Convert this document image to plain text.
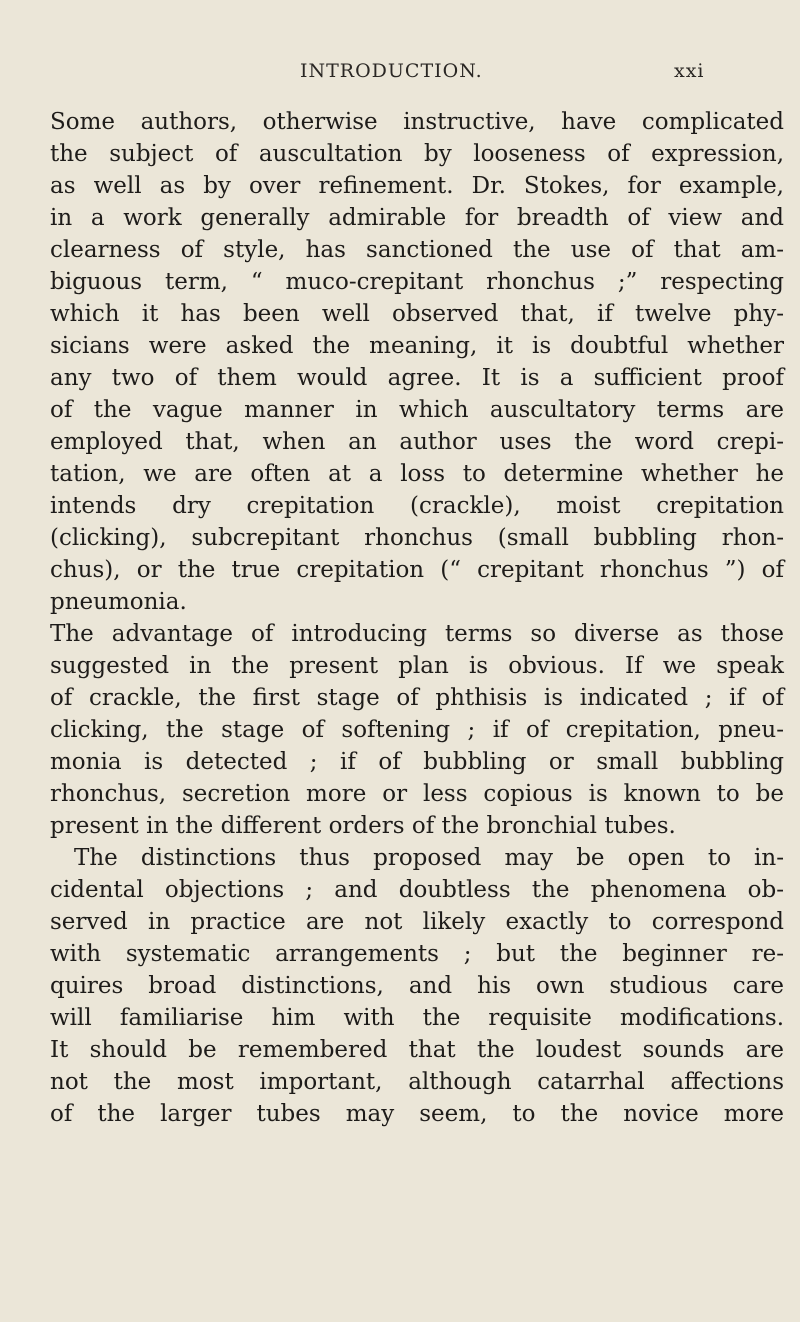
INTRODUCTION.	xxi
Some authors, otherwise instructive, have complicated
the subject of auscultation by looseness of expression,
as well as by over refinement. Dr. Stokes, for example,
in a work generally admirable for breadth of view and
clearness of style, has sanctioned the use of that am-
biguous term, “ muco-crepitant rhonchus ;” respecting
which it has been well observed that, if twelve phy-
sicians were asked the meaning, it is doubtful whether
any two of them would agree. It is a sufficient proof
of the vague manner in which auscultatory terms are
employed that, when an author uses the word crepi-
tation, we are often at a loss to determine whether he
intends dry crepitation (crackle), moist crepitation
(clicking), subcrepitant rhonchus (small bubbling rhon-
chus), or the true crepitation (“ crepitant rhonchus ”) of
pneumonia.
The advantage of introducing terms so diverse as those
suggested in the present plan is obvious. If we speak
of crackle, the first stage of phthisis is indicated ; if of
clicking, the stage of softening ; if of crepitation, pneu-
monia is detected ; if of bubbling or small bubbling
rhonchus, secretion more or less copious is known to be
present in the different orders of the bronchial tubes.
The distinctions thus proposed may be open to in-
cidental objections ; and doubtless the phenomena ob-
served in practice are not likely exactly to correspond
with systematic arrangements ; but the beginner re-
quires broad distinctions, and his own studious care
will familiarise him with the requisite modifications.
It should be remembered that the loudest sounds are
not the most important, although catarrhal affections
of the larger tubes may seem, to the novice more
